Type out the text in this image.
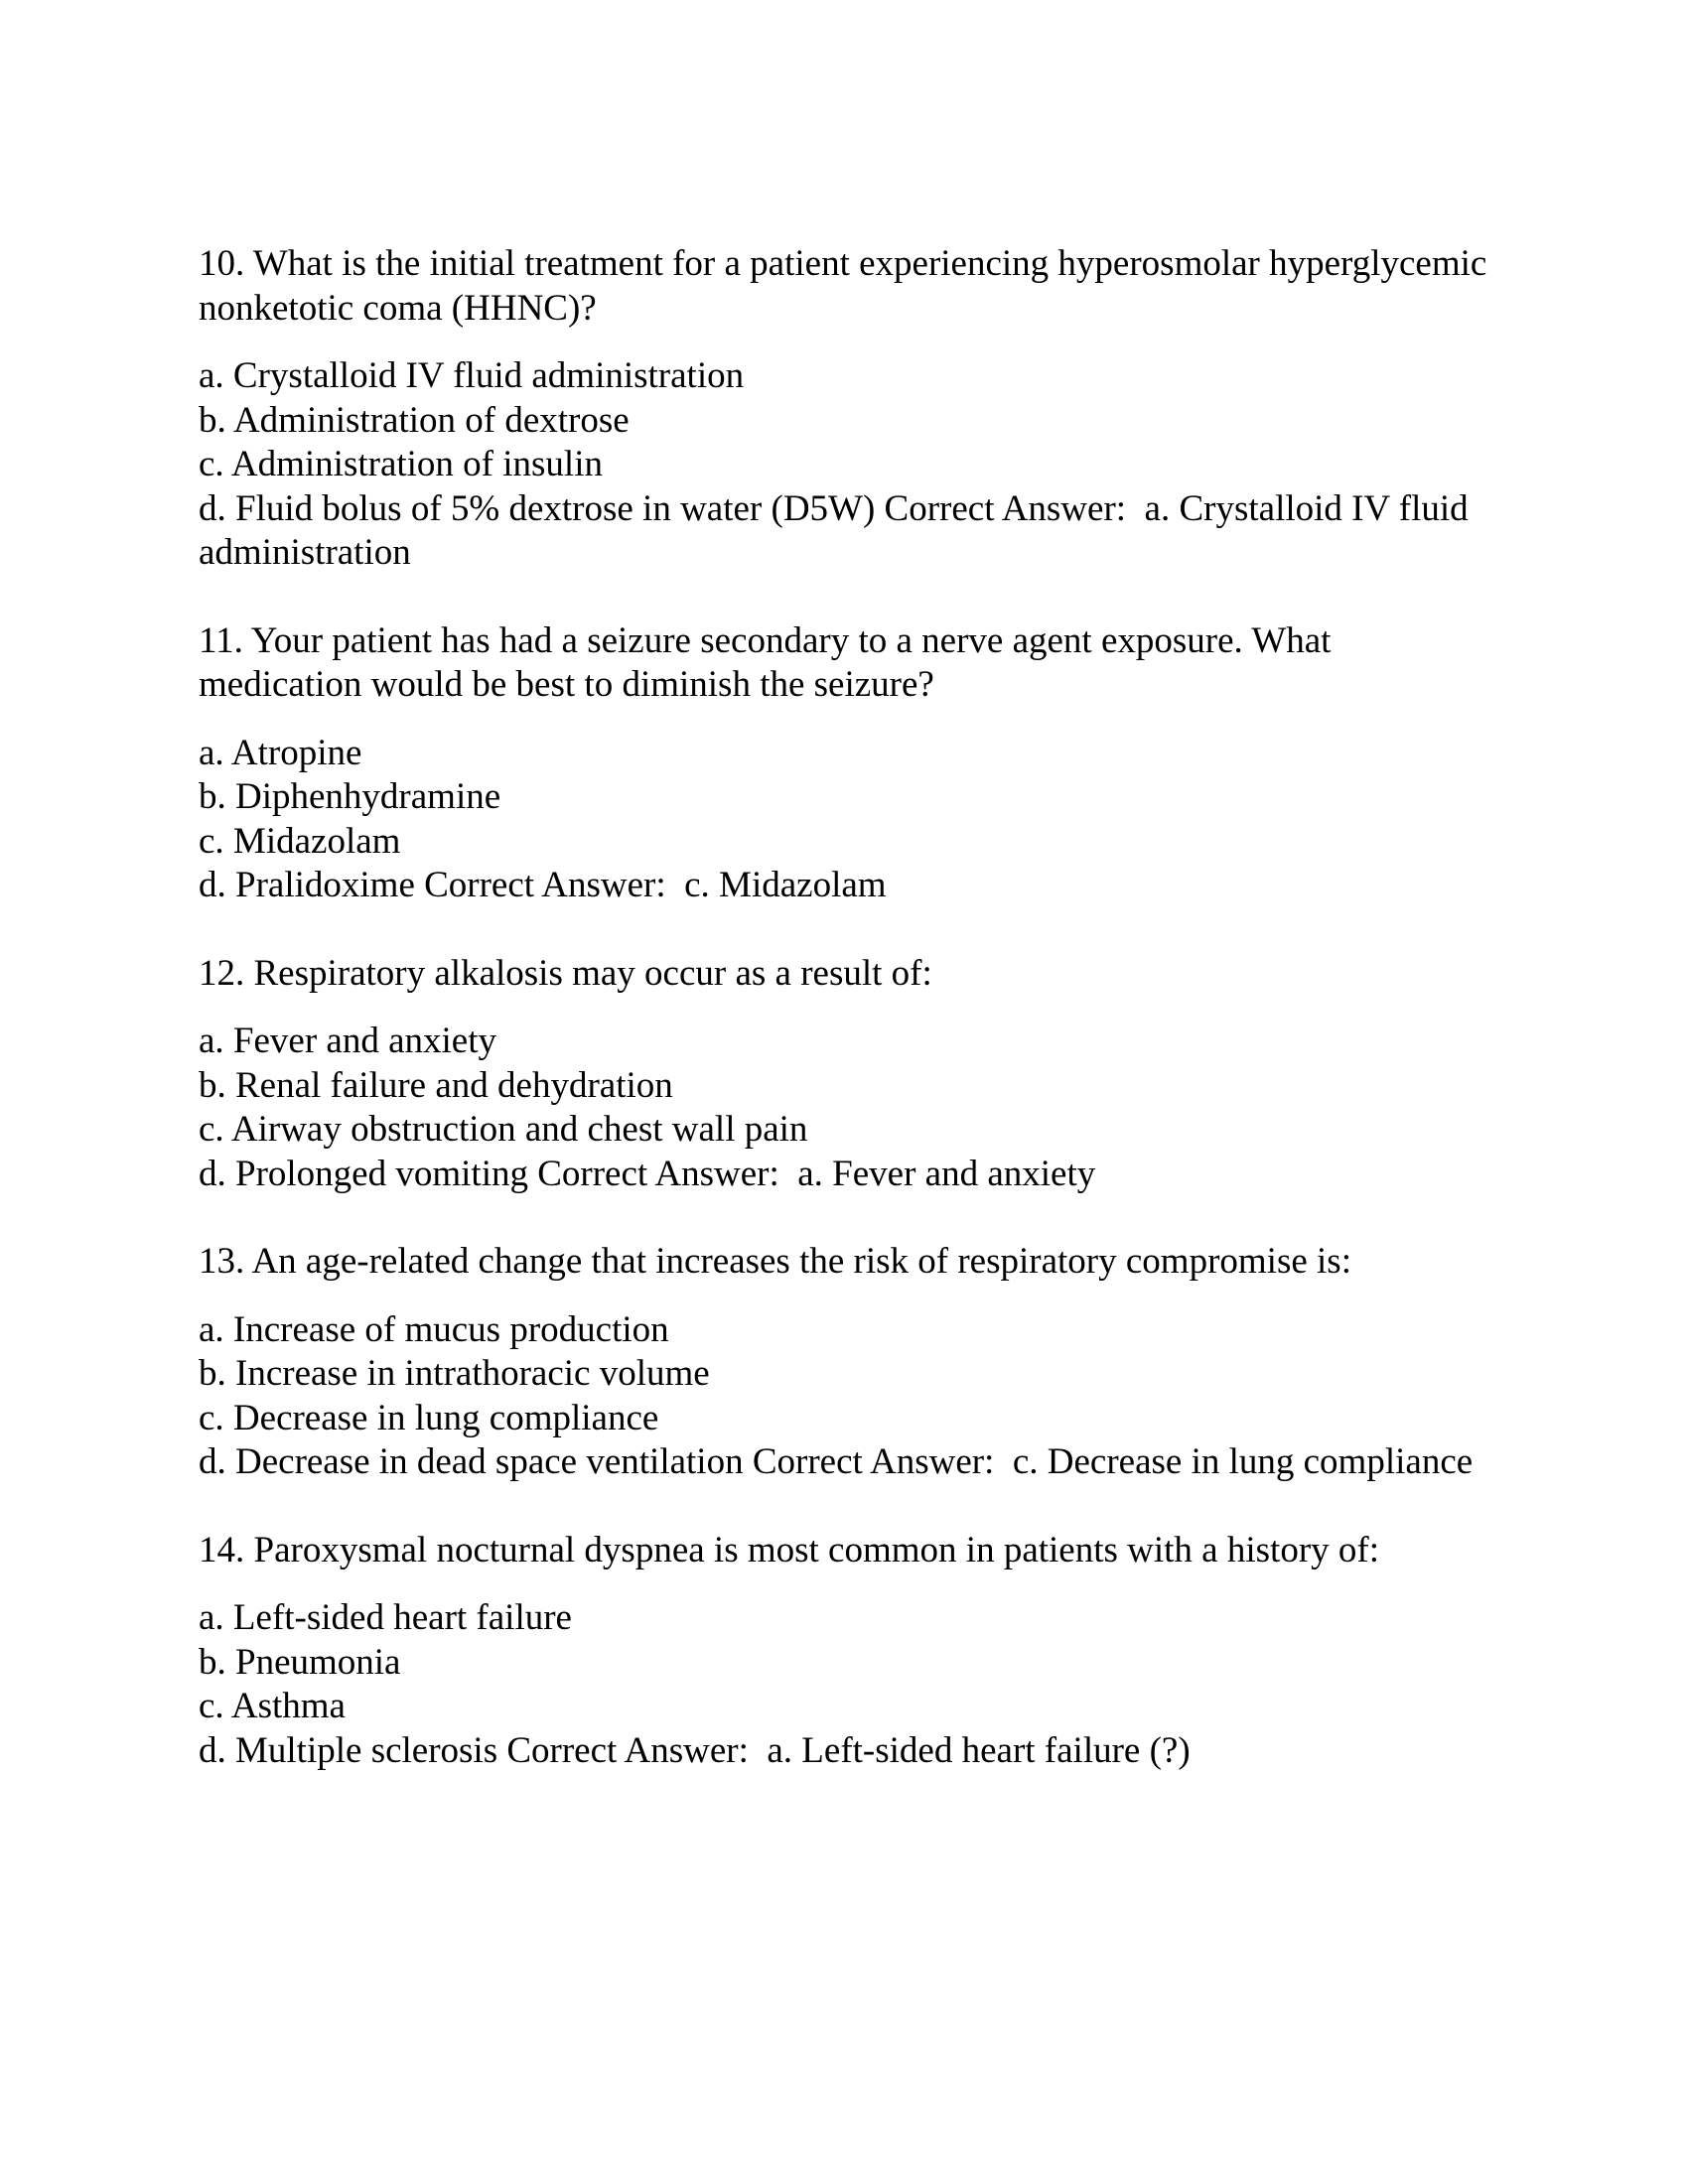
10. What is the initial treatment for a patient experiencing hyperosmolar hyperglycemic nonketotic coma (HHNC)?

a. Crystalloid IV fluid administration
b. Administration of dextrose
c. Administration of insulin
d. Fluid bolus of 5% dextrose in water (D5W) Correct Answer:  a. Crystalloid IV fluid administration

11. Your patient has had a seizure secondary to a nerve agent exposure. What medication would be best to diminish the seizure?

a. Atropine
b. Diphenhydramine
c. Midazolam
d. Pralidoxime Correct Answer:  c. Midazolam

12. Respiratory alkalosis may occur as a result of:

a. Fever and anxiety
b. Renal failure and dehydration
c. Airway obstruction and chest wall pain
d. Prolonged vomiting Correct Answer:  a. Fever and anxiety

13. An age-related change that increases the risk of respiratory compromise is:

a. Increase of mucus production
b. Increase in intrathoracic volume
c. Decrease in lung compliance
d. Decrease in dead space ventilation Correct Answer:  c. Decrease in lung compliance

14. Paroxysmal nocturnal dyspnea is most common in patients with a history of:

a. Left-sided heart failure
b. Pneumonia
c. Asthma
d. Multiple sclerosis Correct Answer:  a. Left-sided heart failure (?)
